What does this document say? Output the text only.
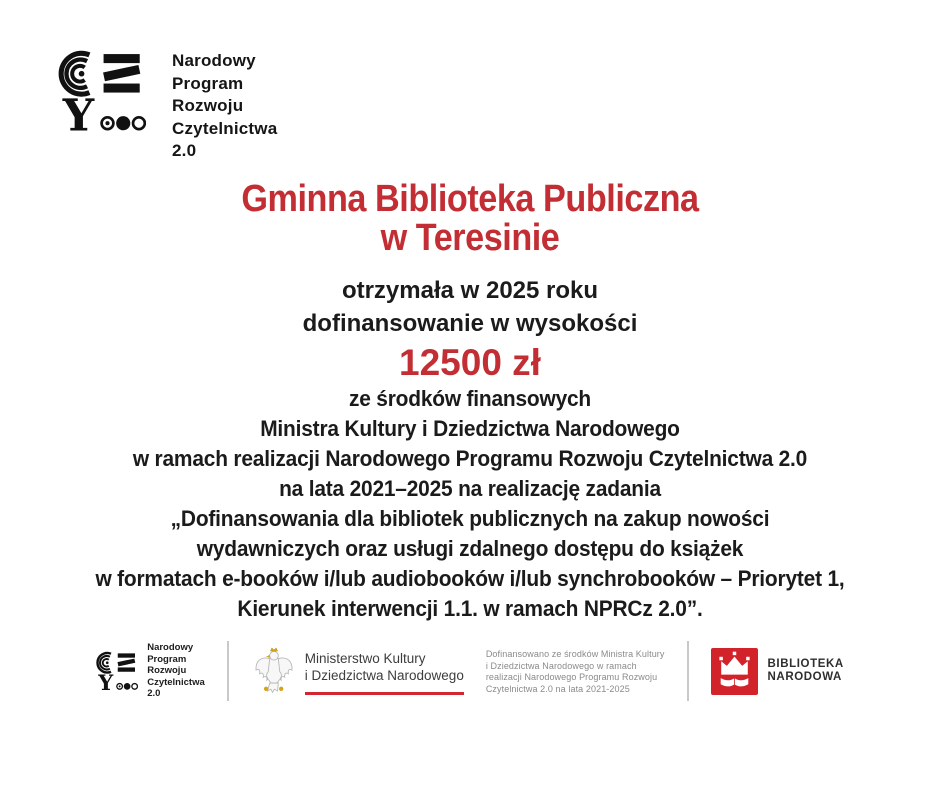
Y
Narodowy
Program
Rozwoju
Czytelnictwa
2.0
Gminna Biblioteka Publiczna
w Teresinie
otrzymała w 2025 roku
dofinansowanie w wysokości
12500 zł
ze środków finansowych
Ministra Kultury i Dziedzictwa Narodowego
w ramach realizacji Narodowego Programu Rozwoju Czytelnictwa 2.0
na lata 2021–2025 na realizację zadania
„Dofinansowania dla bibliotek publicznych na zakup nowości
wydawniczych oraz usługi zdalnego dostępu do książek
w formatach e-booków i/lub audiobooków i/lub synchrobooków – Priorytet 1,
Kierunek interwencji 1.1. w ramach NPRCz 2.0”.
Y
Narodowy
Program
Rozwoju
Czytelnictwa
2.0
Ministerstwo Kultury
i Dziedzictwa Narodowego
Dofinansowano ze środków Ministra Kultury
i Dziedzictwa Narodowego w ramach
realizacji Narodowego Programu Rozwoju
Czytelnictwa 2.0 na lata 2021-2025
BIBLIOTEKA
NARODOWA
